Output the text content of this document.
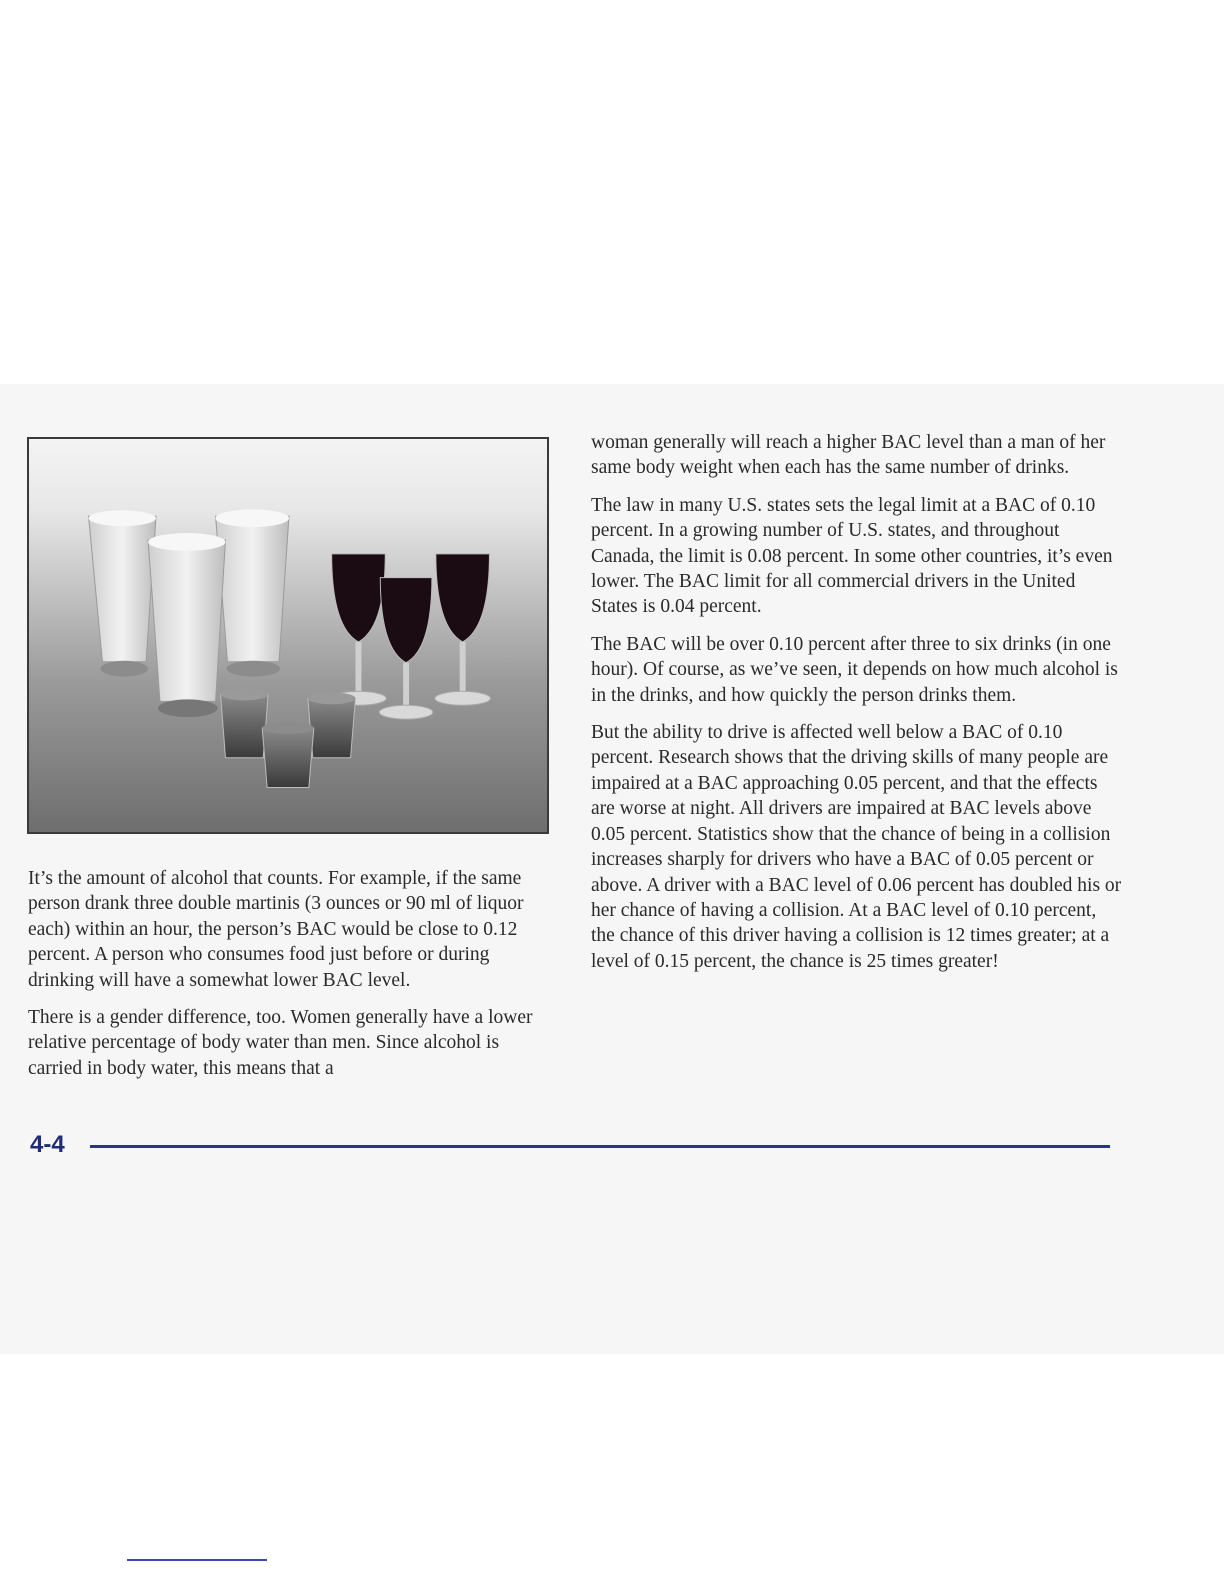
It’s the amount of alcohol that counts. For example, if the same person drank three double martinis (3 ounces or 90 ml of liquor each) within an hour, the person’s BAC would be close to 0.12 percent. A person who consumes food just before or during drinking will have a somewhat lower BAC level.

There is a gender difference, too. Women generally have a lower relative percentage of body water than men. Since alcohol is carried in body water, this means that a

woman generally will reach a higher BAC level than a man of her same body weight when each has the same number of drinks.

The law in many U.S. states sets the legal limit at a BAC of 0.10 percent. In a growing number of U.S. states, and throughout Canada, the limit is 0.08 percent. In some other countries, it’s even lower. The BAC limit for all commercial drivers in the United States is 0.04 percent.

The BAC will be over 0.10 percent after three to six drinks (in one hour). Of course, as we’ve seen, it depends on how much alcohol is in the drinks, and how quickly the person drinks them.

But the ability to drive is affected well below a BAC of 0.10 percent. Research shows that the driving skills of many people are impaired at a BAC approaching 0.05 percent, and that the effects are worse at night. All drivers are impaired at BAC levels above 0.05 percent. Statistics show that the chance of being in a collision increases sharply for drivers who have a BAC of 0.05 percent or above. A driver with a BAC level of 0.06 percent has doubled his or her chance of having a collision. At a BAC level of 0.10 percent, the chance of this driver having a collision is 12 times greater; at a level of 0.15 percent, the chance is 25 times greater!

4-4
